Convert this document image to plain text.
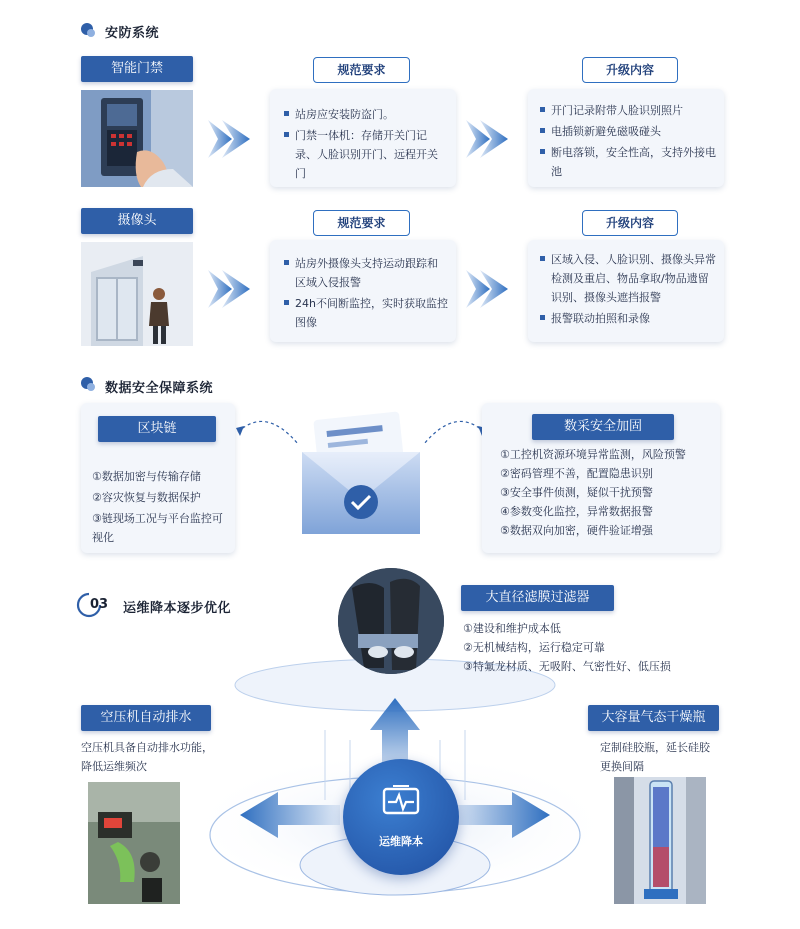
安防系统
智能门禁	规范要求
站房应安装防盗门。
门禁一体机：存储开关门记录、人脸识别开门、远程开关门
升级内容
开门记录附带人脸识别照片
电插锁新避免磁吸碰头
断电落锁，安全性高，支持外接电池
摄像头	规范要求
站房外摄像头支持运动跟踪和区域入侵报警
24h不间断监控，实时获取监控图像
升级内容
区域入侵、人脸识别、摄像头异常检测及重启、物品拿取/物品遗留识别、摄像头遮挡报警
报警联动拍照和录像
数据安全保障系统
区块链
①数据加密与传输存储
②容灾恢复与数据保护
③链现场工况与平台监控可视化
数采安全加固
①工控机资源环境异常监测，风险预警
②密码管理不善，配置隐患识别
③安全事件侦测，疑似干扰预警
④参数变化监控，异常数据报警
⑤数据双向加密，硬件验证增强
03 运维降本逐步优化
大直径滤膜过滤器
①建设和维护成本低
②无机械结构，运行稳定可靠
③特氟龙材质、无吸附、气密性好、低压损
空压机自动排水
空压机具备自动排水功能，降低运维频次
大容量气态干燥瓶
定制硅胶瓶，延长硅胶更换间隔
运维降本
